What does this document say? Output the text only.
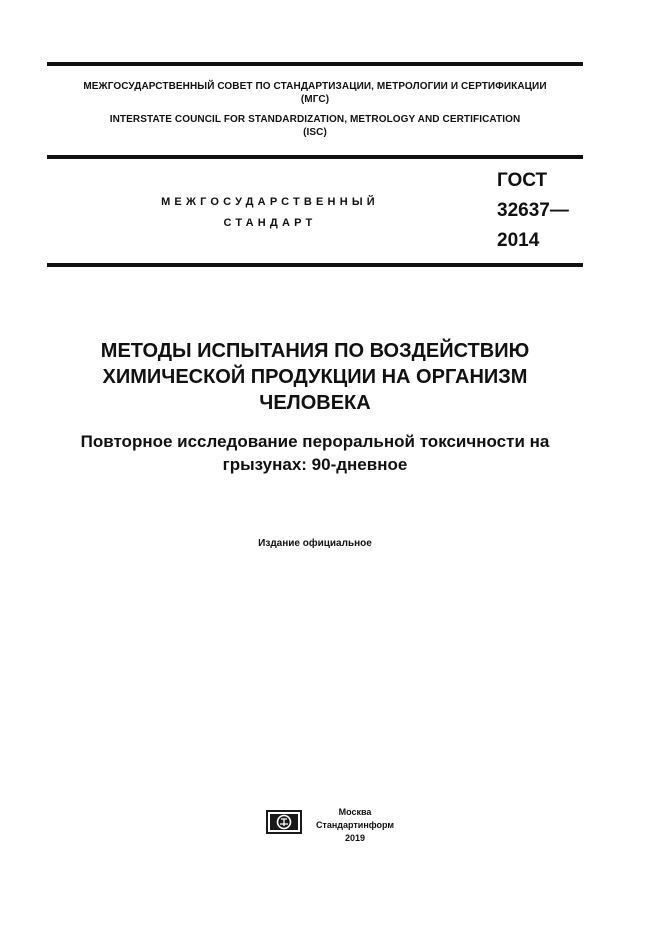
МЕЖГОСУДАРСТВЕННЫЙ СОВЕТ ПО СТАНДАРТИЗАЦИИ, МЕТРОЛОГИИ И СЕРТИФИКАЦИИ
(МГС)
INTERSTATE COUNCIL FOR STANDARDIZATION, METROLOGY AND CERTIFICATION
(ISC)
МЕЖГОСУДАРСТВЕННЫЙ
СТАНДАРТ
ГОСТ
32637—
2014
МЕТОДЫ ИСПЫТАНИЯ ПО ВОЗДЕЙСТВИЮ ХИМИЧЕСКОЙ ПРОДУКЦИИ НА ОРГАНИЗМ ЧЕЛОВЕКА
Повторное исследование пероральной токсичности на грызунах: 90-дневное
Издание официальное
Москва
Стандартинформ
2019
